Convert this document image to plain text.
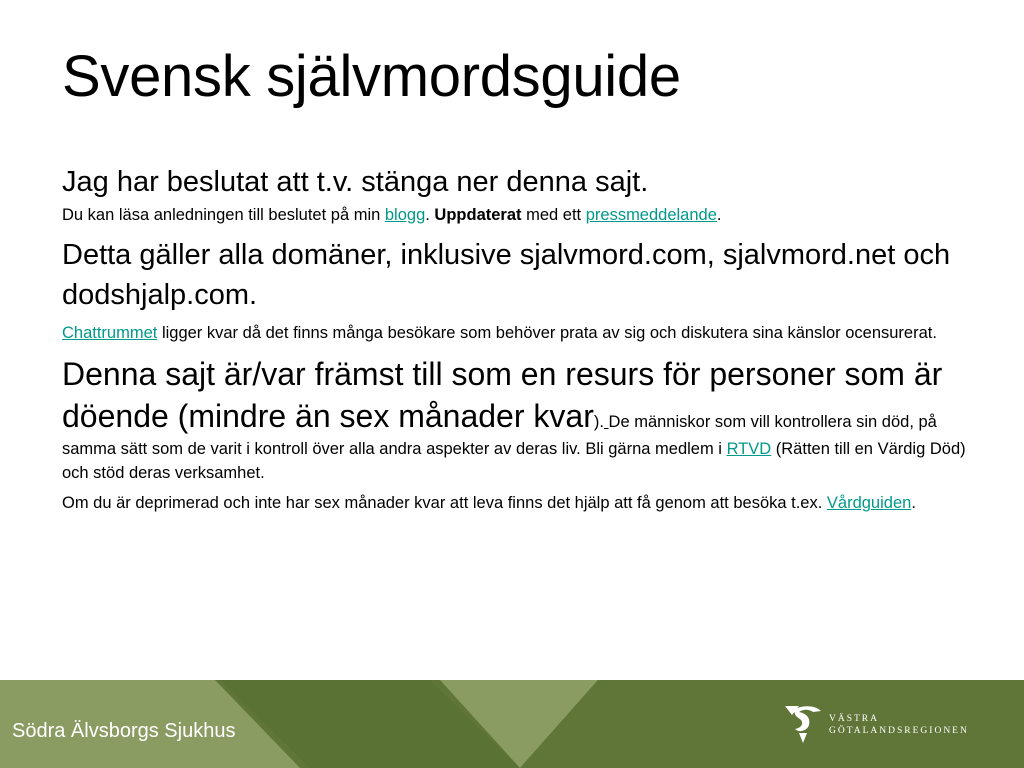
Svensk självmordsguide

Jag har beslutat att t.v. stänga ner denna sajt.

Du kan läsa anledningen till beslutet på min blogg. Uppdaterat med ett pressmeddelande.

Detta gäller alla domäner, inklusive sjalvmord.com, sjalvmord.net och dodshjalp.com.

Chattrummet ligger kvar då det finns många besökare som behöver prata av sig och diskutera sina känslor ocensurerat.

Denna sajt är/var främst till som en resurs för personer som är döende (mindre än sex månader kvar). De människor som vill kontrollera sin död, på samma sätt som de varit i kontroll över alla andra aspekter av deras liv. Bli gärna medlem i RTVD (Rätten till en Värdig Död) och stöd deras verksamhet.

Om du är deprimerad och inte har sex månader kvar att leva finns det hjälp att få genom att besöka t.ex. Vårdguiden.

Södra Älvsborgs Sjukhus

VÄSTRA
GÖTALANDSREGIONEN
